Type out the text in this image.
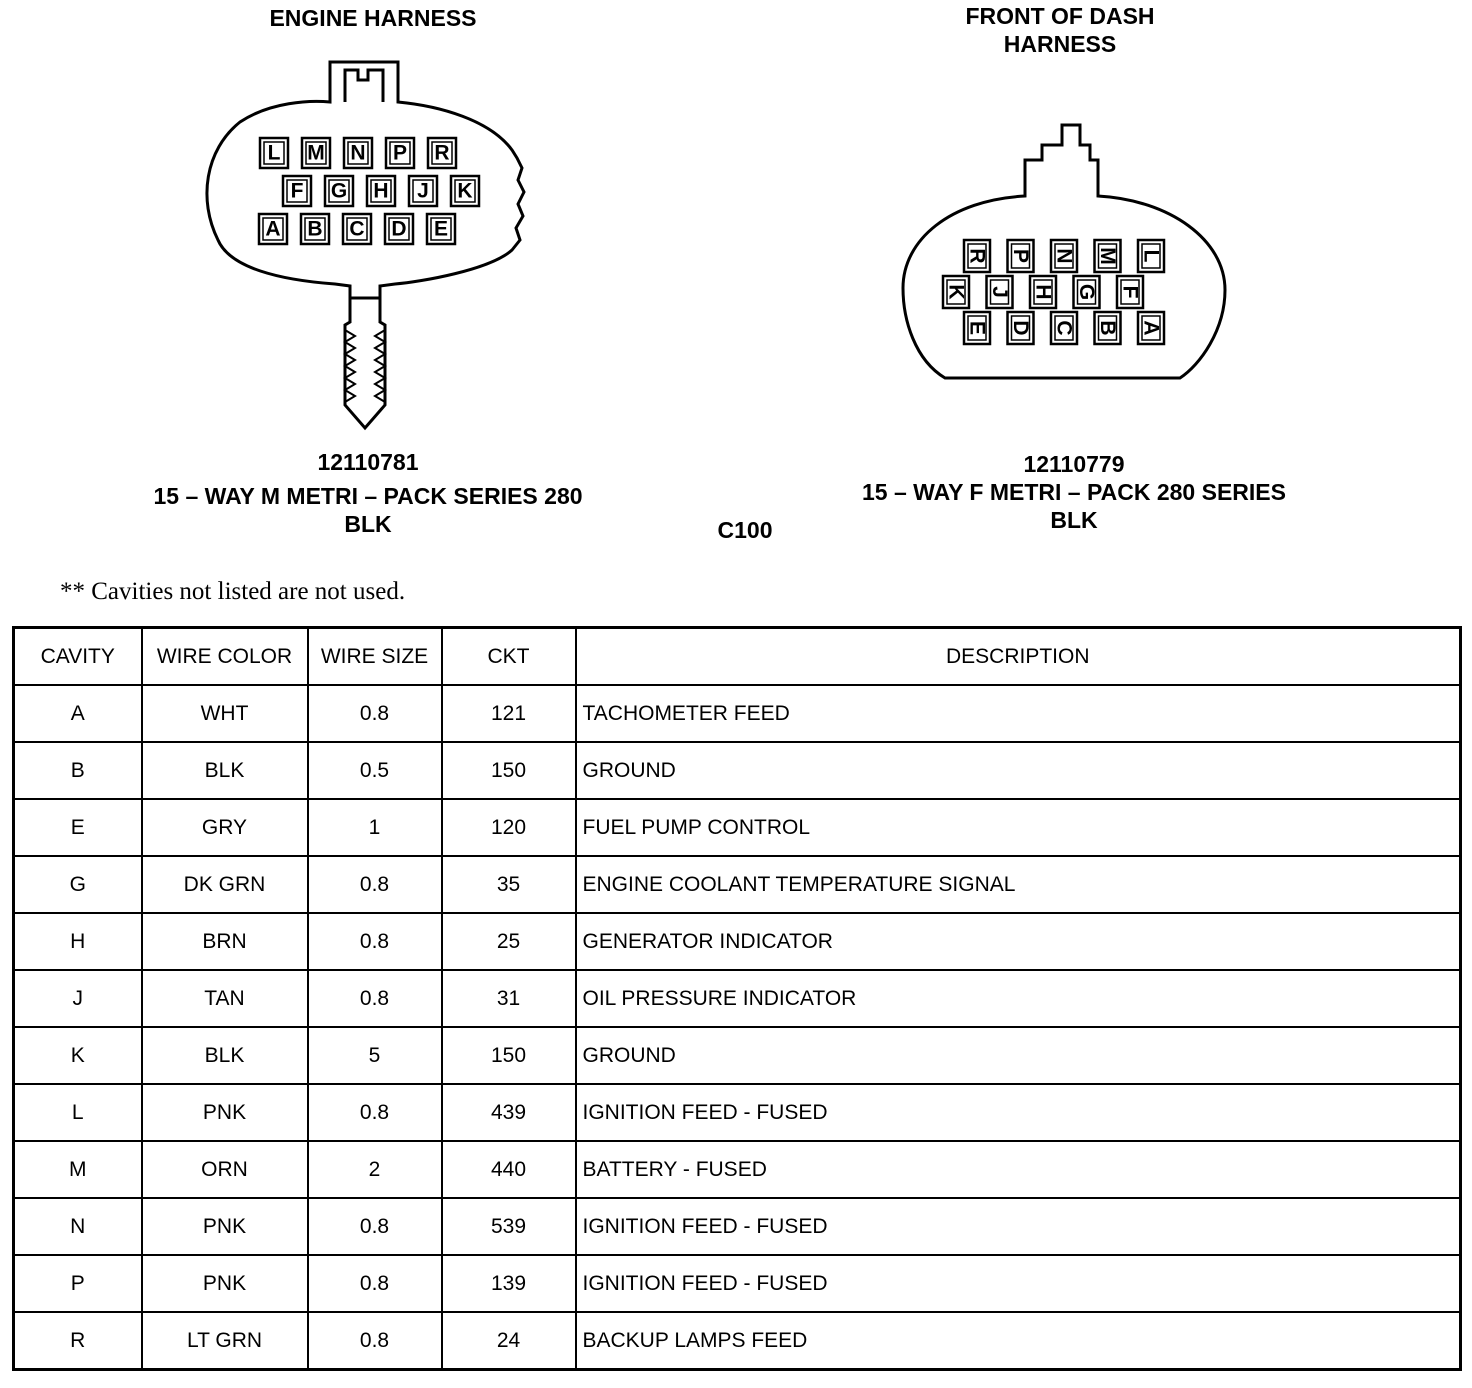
ENGINE HARNESS	FRONT OF DASH
HARNESS
L M N P R
F G H J K
A B C D E
R P N M L
K J H G F
E D C B A
12110781
15 – WAY M METRI – PACK SERIES 280
BLK
12110779
15 – WAY F METRI – PACK 280 SERIES
BLK
C100
** Cavities not listed are not used.
CAVITY	WIRE COLOR	WIRE SIZE	CKT	DESCRIPTION
A	WHT	0.8	121	TACHOMETER FEED
B	BLK	0.5	150	GROUND
E	GRY	1	120	FUEL PUMP CONTROL
G	DK GRN	0.8	35	ENGINE COOLANT TEMPERATURE SIGNAL
H	BRN	0.8	25	GENERATOR INDICATOR
J	TAN	0.8	31	OIL PRESSURE INDICATOR
K	BLK	5	150	GROUND
L	PNK	0.8	439	IGNITION FEED - FUSED
M	ORN	2	440	BATTERY - FUSED
N	PNK	0.8	539	IGNITION FEED - FUSED
P	PNK	0.8	139	IGNITION FEED - FUSED
R	LT GRN	0.8	24	BACKUP LAMPS FEED
